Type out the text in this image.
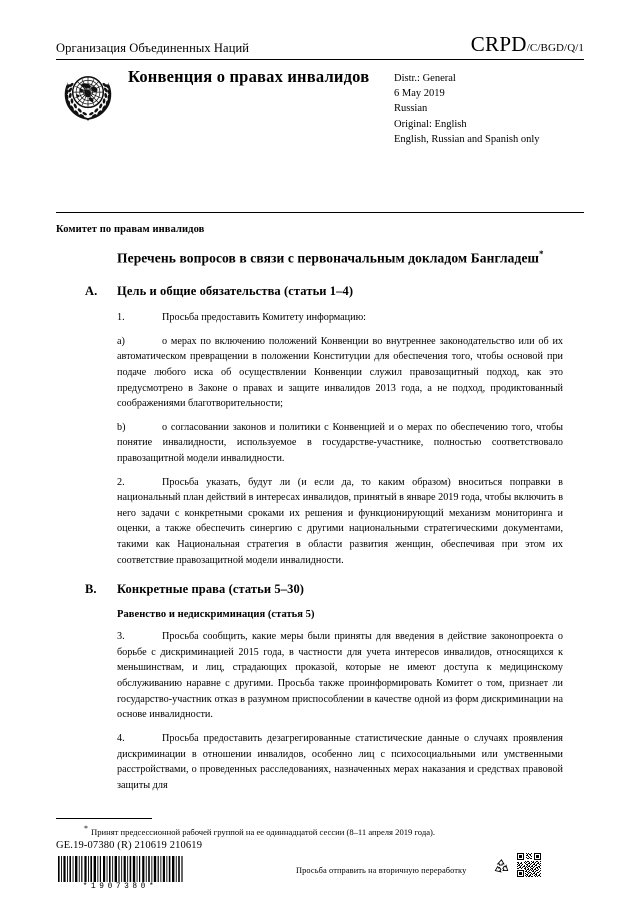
Организация Объединенных Наций	CRPD/C/BGD/Q/1
Конвенция о правах инвалидов	Distr.: General
6 May 2019
Russian
Original: English
English, Russian and Spanish only
Комитет по правам инвалидов
Перечень вопросов в связи с первоначальным докладом Бангладеш*
A.	Цель и общие обязательства (статьи 1–4)
1.	Просьба предоставить Комитету информацию:
a)	о мерах по включению положений Конвенции во внутреннее законодательство или об их автоматическом превращении в положении Конституции для обеспечения того, чтобы основой при подаче любого иска об осуществлении Конвенции служил правозащитный подход, как это предусмотрено в Законе о правах и защите инвалидов 2013 года, а не подход, продиктованный соображениями благотворительности;
b)	о согласовании законов и политики с Конвенцией и о мерах по обеспечению того, чтобы понятие инвалидности, используемое в государстве-участнике, полностью соответствовало правозащитной модели инвалидности.
2.	Просьба указать, будут ли (и если да, то каким образом) вноситься поправки в национальный план действий в интересах инвалидов, принятый в январе 2019 года, чтобы включить в него задачи с конкретными сроками их решения и функционирующий механизм мониторинга и оценки, а также обеспечить синергию с другими национальными стратегическими документами, такими как Национальная стратегия в области развития женщин, обеспечивая при этом их соответствие правозащитной модели инвалидности.
B.	Конкретные права (статьи 5–30)
Равенство и недискриминация (статья 5)
3.	Просьба сообщить, какие меры были приняты для введения в действие законопроекта о борьбе с дискриминацией 2015 года, в частности для учета интересов инвалидов, относящихся к меньшинствам, и лиц, страдающих проказой, которые не имеют доступа к медицинскому обслуживанию наравне с другими. Просьба также проинформировать Комитет о том, признает ли государство-участник отказ в разумном приспособлении в качестве одной из форм дискриминации на основе инвалидности.
4.	Просьба предоставить дезагрегированные статистические данные о случаях проявления дискриминации в отношении инвалидов, особенно лиц с психосоциальными или умственными расстройствами, о проведенных расследованиях, назначенных мерах наказания и средствах правовой защиты для
* Принят предсессионной рабочей группой на ее одиннадцатой сессии (8–11 апреля 2019 года).
GE.19-07380 (R) 210619 210619
*1907380*
Просьба отправить на вторичную переработку
